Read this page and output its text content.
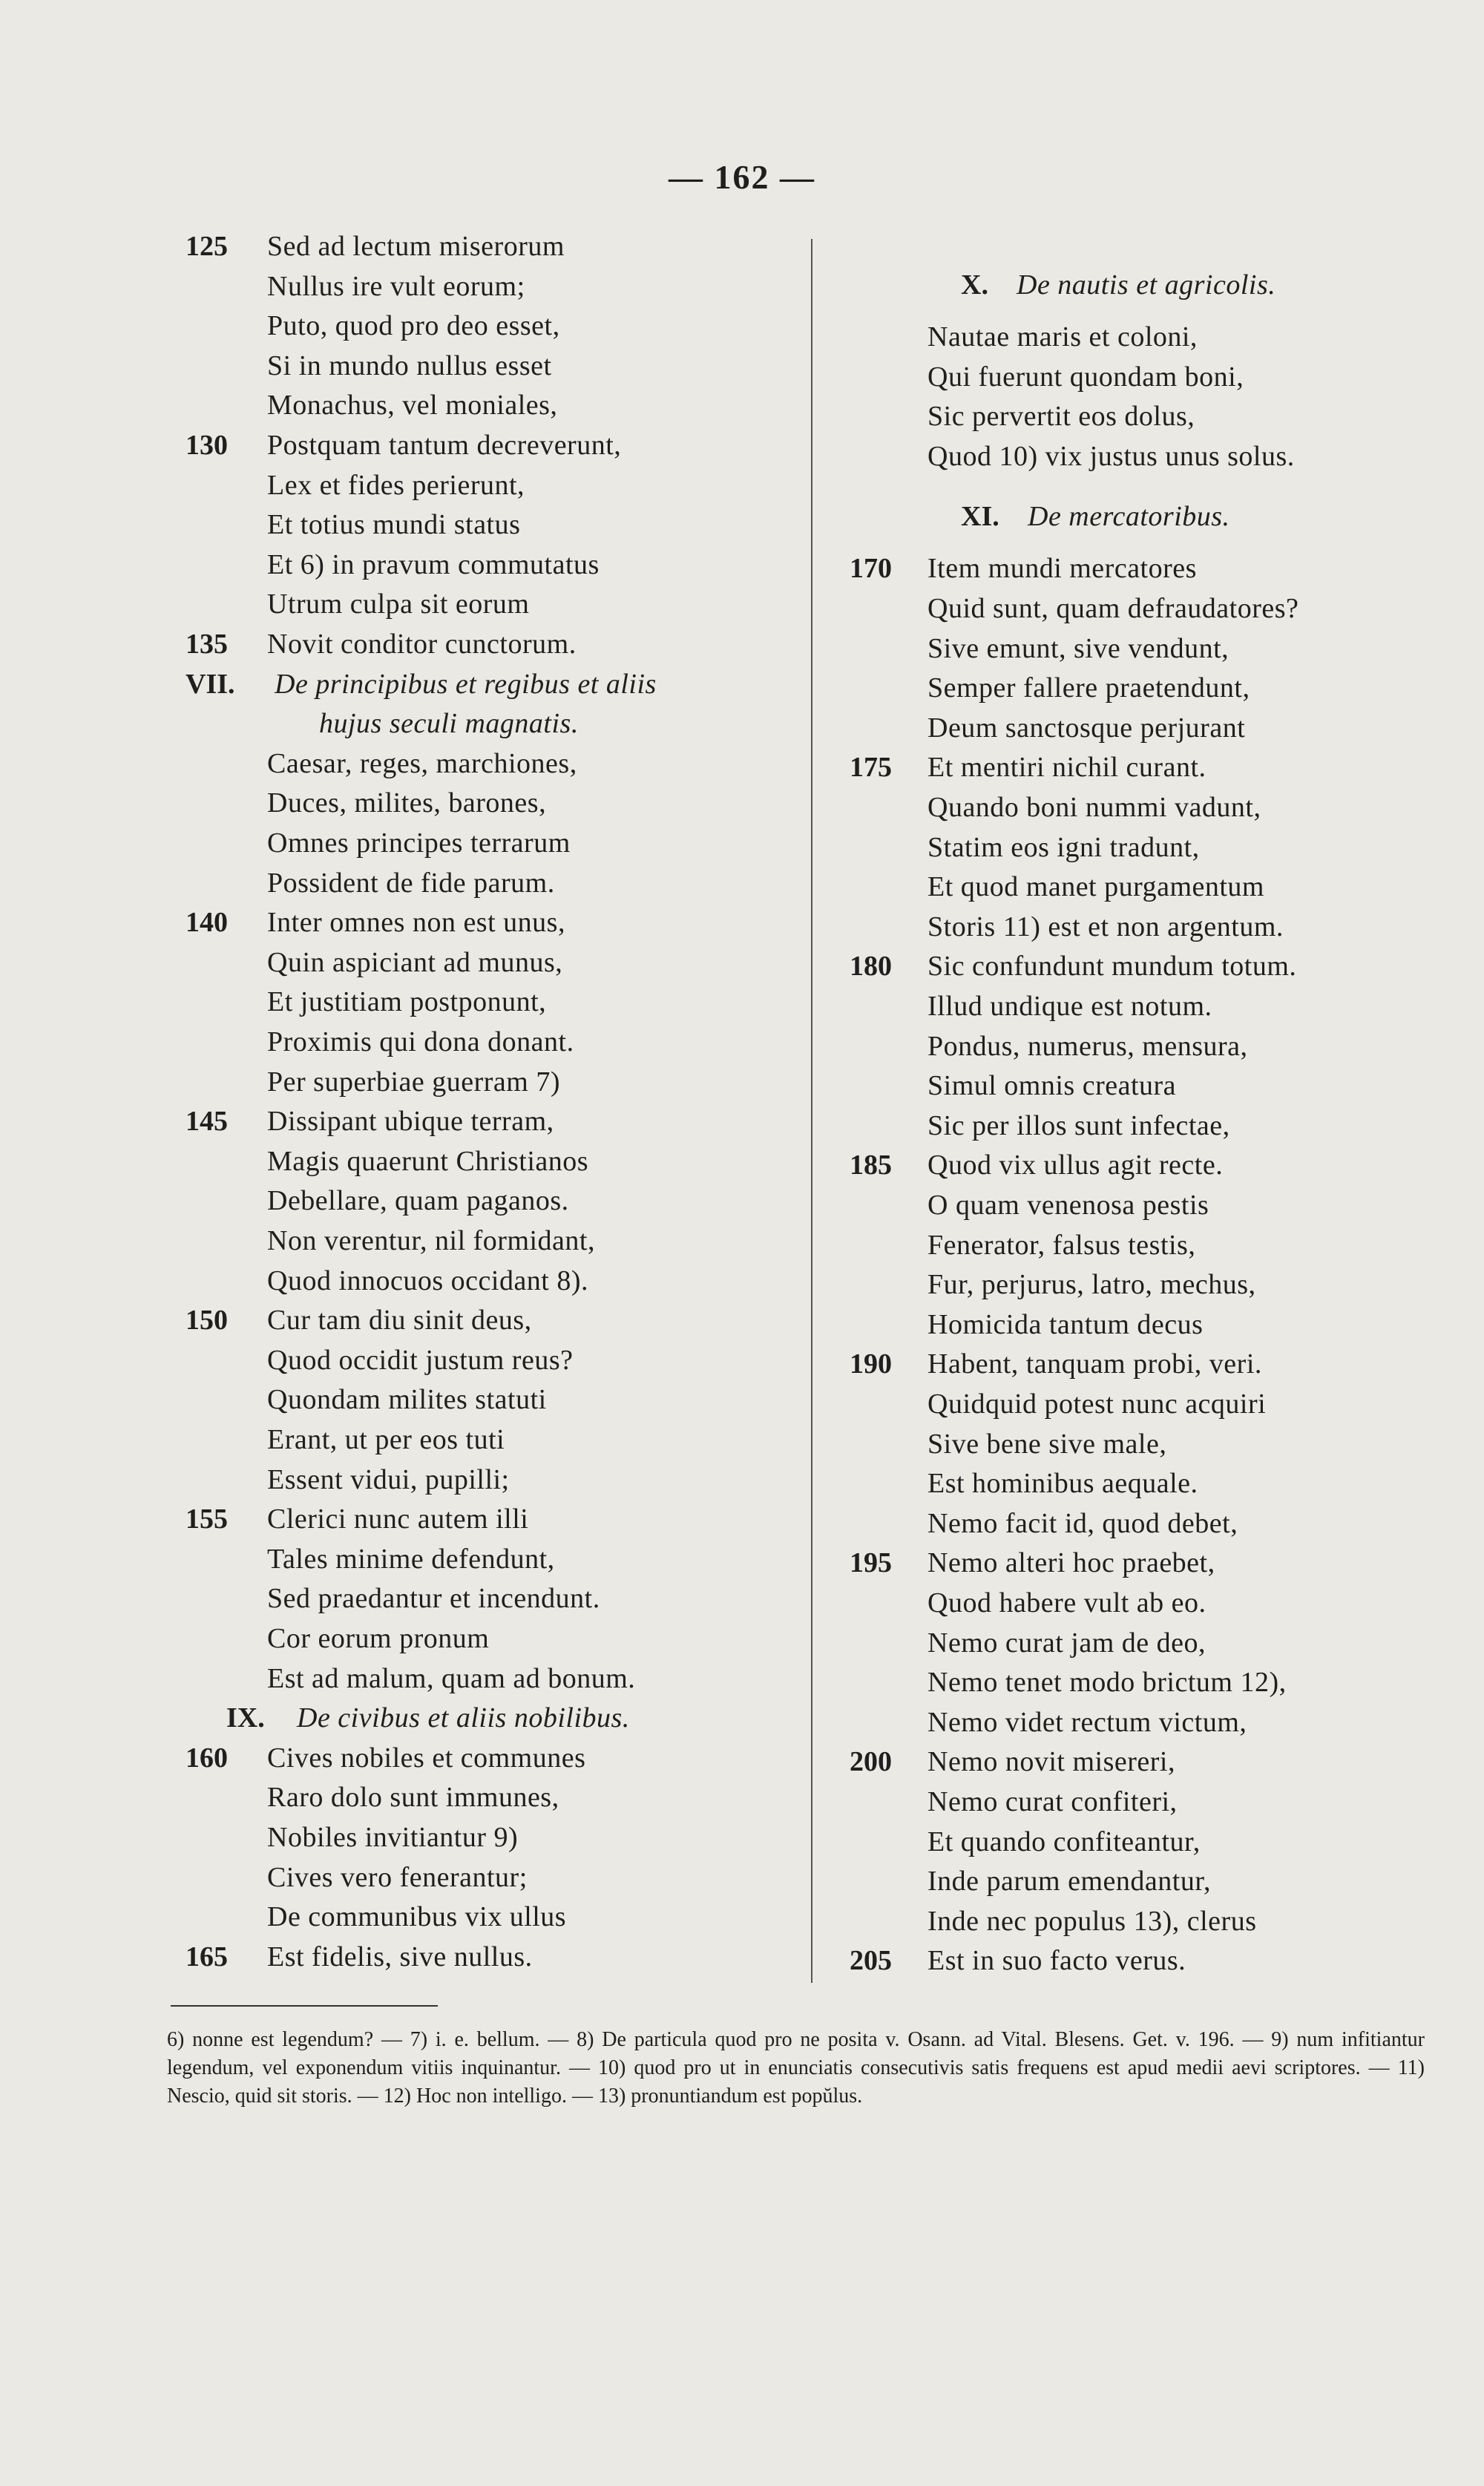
— 162 —
125 Sed ad lectum miserorum
Nullus ire vult eorum;
Puto, quod pro deo esset,
Si in mundo nullus esset
Monachus, vel moniales,
130 Postquam tantum decreverunt,
Lex et fides perierunt,
Et totius mundi status
Et 6) in pravum commutatus
Utrum culpa sit eorum
135 Novit conditor cunctorum.
VII. De principibus et regibus et aliis
hujus seculi magnatis.
Caesar, reges, marchiones,
Duces, milites, barones,
Omnes principes terrarum
Possident de fide parum.
140 Inter omnes non est unus,
Quin aspiciant ad munus,
Et justitiam postponunt,
Proximis qui dona donant.
Per superbiae guerram 7)
145 Dissipant ubique terram,
Magis quaerunt Christianos
Debellare, quam paganos.
Non verentur, nil formidant,
Quod innocuos occidant 8).
150 Cur tam diu sinit deus,
Quod occidit justum reus?
Quondam milites statuti
Erant, ut per eos tuti
Essent vidui, pupilli;
155 Clerici nunc autem illi
Tales minime defendunt,
Sed praedantur et incendunt.
Cor eorum pronum
Est ad malum, quam ad bonum.
IX. De civibus et aliis nobilibus.
160 Cives nobiles et communes
Raro dolo sunt immunes,
Nobiles invitiantur 9)
Cives vero fenerantur;
De communibus vix ullus
165 Est fidelis, sive nullus.
X. De nautis et agricolis.
Nautae maris et coloni,
Qui fuerunt quondam boni,
Sic pervertit eos dolus,
Quod 10) vix justus unus solus.
XI. De mercatoribus.
170 Item mundi mercatores
Quid sunt, quam defraudatores?
Sive emunt, sive vendunt,
Semper fallere praetendunt,
Deum sanctosque perjurant
175 Et mentiri nichil curant.
Quando boni nummi vadunt,
Statim eos igni tradunt,
Et quod manet purgamentum
Storis 11) est et non argentum.
180 Sic confundunt mundum totum.
Illud undique est notum.
Pondus, numerus, mensura,
Simul omnis creatura
Sic per illos sunt infectae,
185 Quod vix ullus agit recte.
O quam venenosa pestis
Fenerator, falsus testis,
Fur, perjurus, latro, mechus,
Homicida tantum decus
190 Habent, tanquam probi, veri.
Quidquid potest nunc acquiri
Sive bene sive male,
Est hominibus aequale.
Nemo facit id, quod debet,
195 Nemo alteri hoc praebet,
Quod habere vult ab eo.
Nemo curat jam de deo,
Nemo tenet modo brictum 12),
Nemo videt rectum victum,
200 Nemo novit misereri,
Nemo curat confiteri,
Et quando confiteantur,
Inde parum emendantur,
Inde nec populus 13), clerus
205 Est in suo facto verus.
6) nonne est legendum? — 7) i. e. bellum. — 8) De particula quod pro ne posita v. Osann. ad Vital. Blesens. Get. v. 196. — 9) num infitiantur legendum, vel exponendum vitiis inquinantur. — 10) quod pro ut in enunciatis consecutivis satis frequens est apud medii aevi scriptores. — 11) Nescio, quid sit storis. — 12) Hoc non intelligo. — 13) pronuntiandum est popŭlus.
